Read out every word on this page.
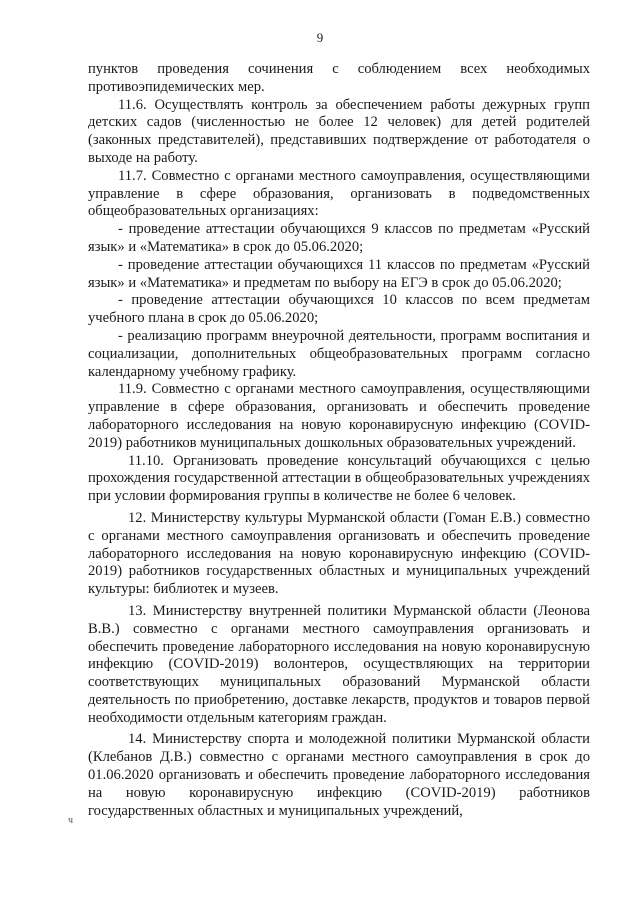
9

пунктов проведения сочинения с соблюдением всех необходимых противоэпидемических мер.

11.6. Осуществлять контроль за обеспечением работы дежурных групп детских садов (численностью не более 12 человек) для детей родителей (законных представителей), представивших подтверждение от работодателя о выходе на работу.

11.7. Совместно с органами местного самоуправления, осуществляющими управление в сфере образования, организовать в подведомственных общеобразовательных организациях:

- проведение аттестации обучающихся 9 классов по предметам «Русский язык» и «Математика» в срок до 05.06.2020;

- проведение аттестации обучающихся 11 классов по предметам «Русский язык» и «Математика» и предметам по выбору на ЕГЭ в срок до 05.06.2020;

- проведение аттестации обучающихся 10 классов по всем предметам учебного плана в срок до 05.06.2020;

- реализацию программ внеурочной деятельности, программ воспитания и социализации, дополнительных общеобразовательных программ согласно календарному учебному графику.

11.9. Совместно с органами местного самоуправления, осуществляющими управление в сфере образования, организовать и обеспечить проведение лабораторного исследования на новую коронавирусную инфекцию (COVID-2019) работников муниципальных дошкольных образовательных учреждений.

11.10. Организовать проведение консультаций обучающихся с целью прохождения государственной аттестации в общеобразовательных учреждениях при условии формирования группы в количестве не более 6 человек.

12. Министерству культуры Мурманской области (Гоман Е.В.) совместно с органами местного самоуправления организовать и обеспечить проведение лабораторного исследования на новую коронавирусную инфекцию (COVID-2019) работников государственных областных и муниципальных учреждений культуры: библиотек и музеев.

13. Министерству внутренней политики Мурманской области (Леонова В.В.) совместно с органами местного самоуправления организовать и обеспечить проведение лабораторного исследования на новую коронавирусную инфекцию (COVID-2019) волонтеров, осуществляющих на территории соответствующих муниципальных образований Мурманской области деятельность по приобретению, доставке лекарств, продуктов и товаров первой необходимости отдельным категориям граждан.

14. Министерству спорта и молодежной политики Мурманской области (Клебанов Д.В.) совместно с органами местного самоуправления в срок до 01.06.2020 организовать и обеспечить проведение лабораторного исследования на новую коронавирусную инфекцию (COVID-2019) работников государственных областных и муниципальных учреждений,

ч
